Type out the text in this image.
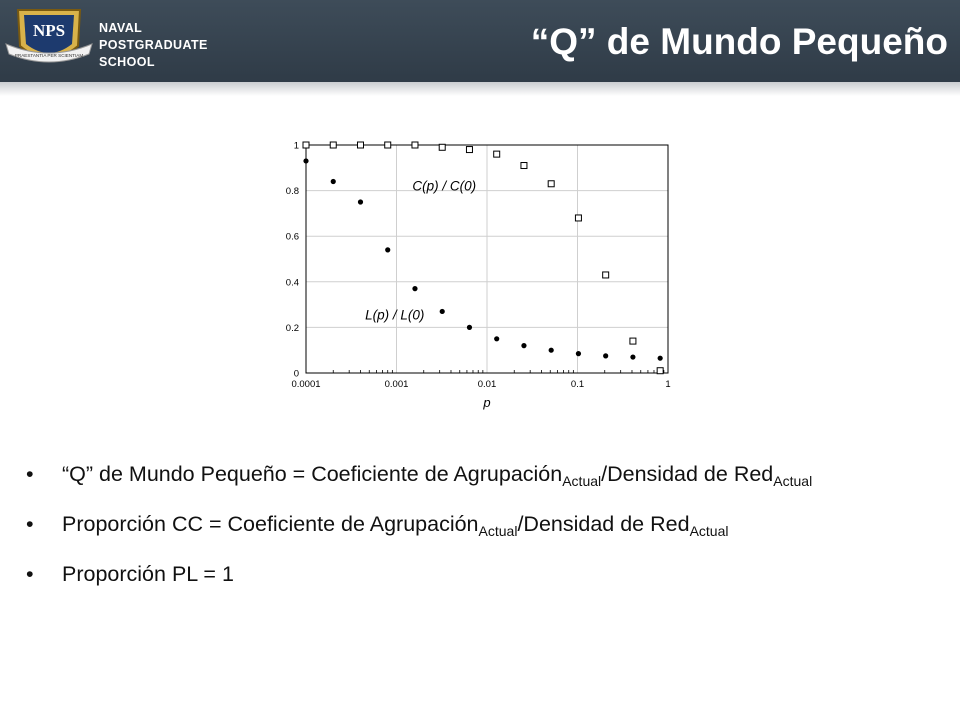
NPS
PRAESTANTIA PER SCIENTIAM
NAVAL
POSTGRADUATE
SCHOOL	“Q” de Mundo Pequeño
0.0001	0.001	0.01	0.1	1
0
0.2
0.4
0.6
0.8
1
p
C(p) / C(0)
L(p) / L(0)
• “Q” de Mundo Pequeño = Coeficiente de Agrupación$_{Actual}$/Densidad de Red$_{Actual}$
• Proporción CC = Coeficiente de Agrupación$_{Actual}$/Densidad de Red$_{Actual}$
• Proporción PL = 1
